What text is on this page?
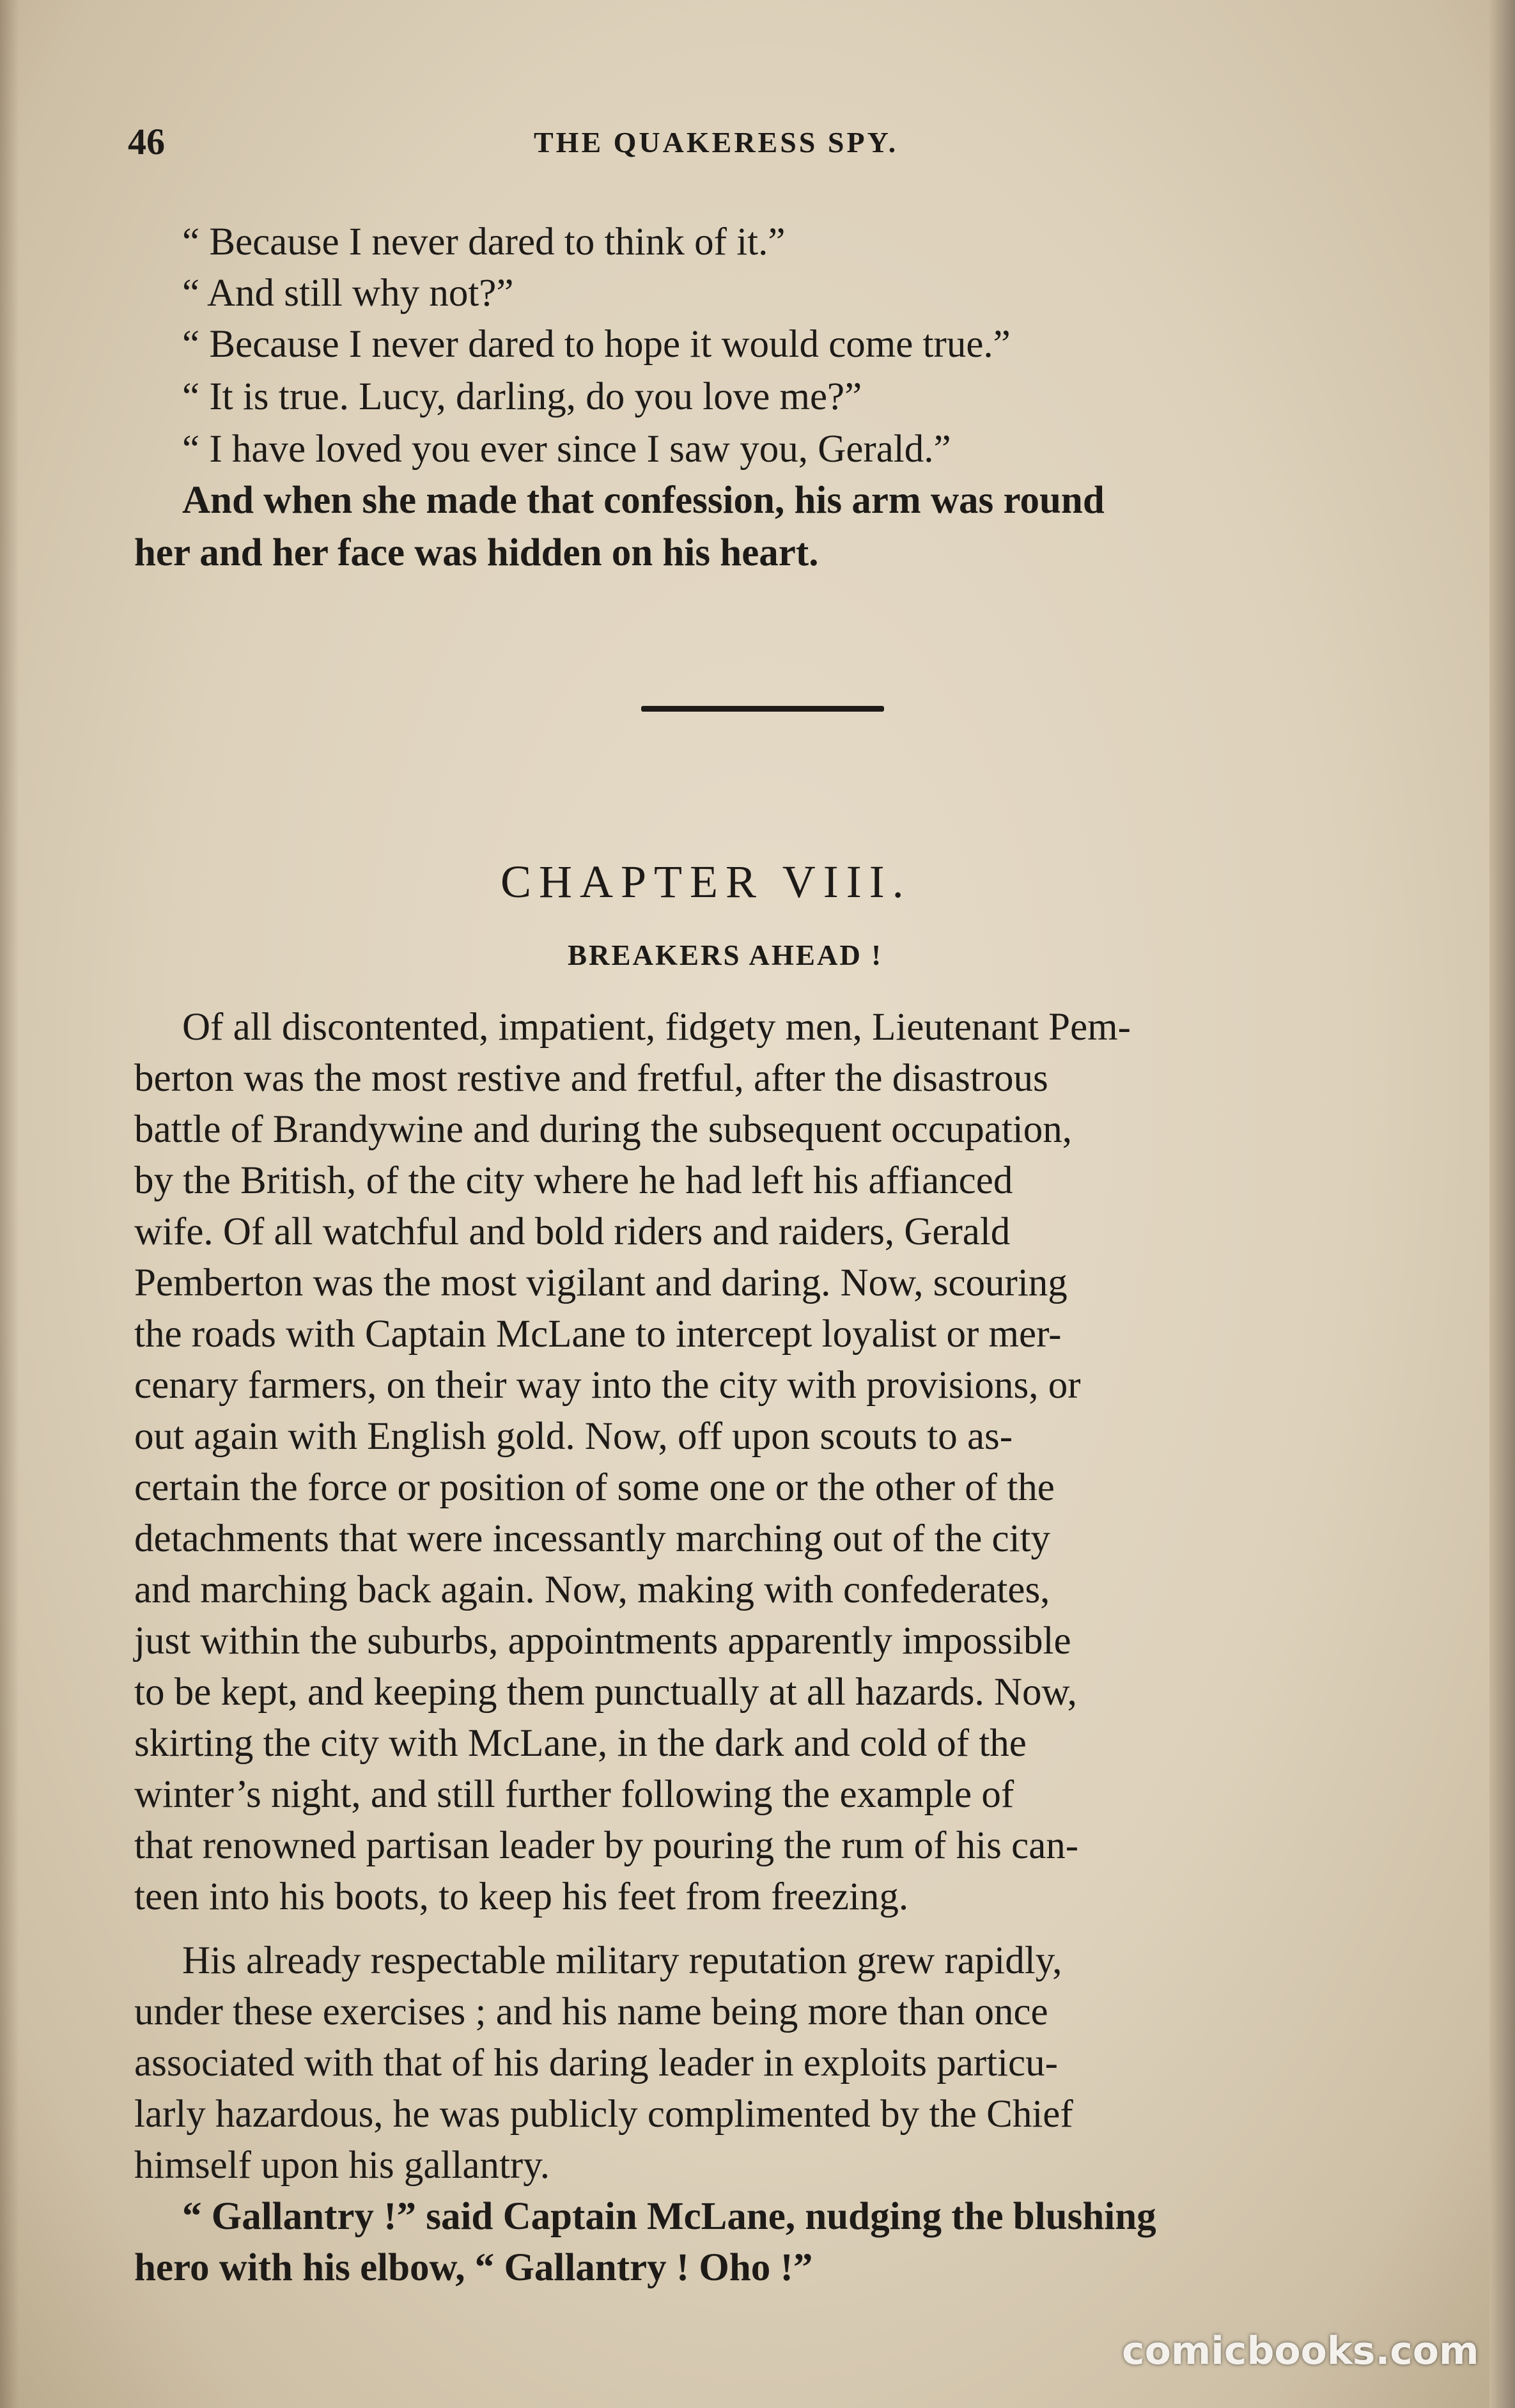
46	THE QUAKERESS SPY.
“ Because I never dared to think of it.”
“ And still why not?”
“ Because I never dared to hope it would come true.”
“ It is true. Lucy, darling, do you love me?”
“ I have loved you ever since I saw you, Gerald.”
And when she made that confession, his arm was round
her and her face was hidden on his heart.
CHAPTER VIII.
BREAKERS AHEAD !
Of all discontented, impatient, fidgety men, Lieutenant Pem-
berton was the most restive and fretful, after the disastrous
battle of Brandywine and during the subsequent occupation,
by the British, of the city where he had left his affianced
wife. Of all watchful and bold riders and raiders, Gerald
Pemberton was the most vigilant and daring. Now, scouring
the roads with Captain McLane to intercept loyalist or mer-
cenary farmers, on their way into the city with provisions, or
out again with English gold. Now, off upon scouts to as-
certain the force or position of some one or the other of the
detachments that were incessantly marching out of the city
and marching back again. Now, making with confederates,
just within the suburbs, appointments apparently impossible
to be kept, and keeping them punctually at all hazards. Now,
skirting the city with McLane, in the dark and cold of the
winter’s night, and still further following the example of
that renowned partisan leader by pouring the rum of his can-
teen into his boots, to keep his feet from freezing.
His already respectable military reputation grew rapidly,
under these exercises ; and his name being more than once
associated with that of his daring leader in exploits particu-
larly hazardous, he was publicly complimented by the Chief
himself upon his gallantry.
“ Gallantry !” said Captain McLane, nudging the blushing
hero with his elbow, “ Gallantry ! Oho !”
comicbooks.com
